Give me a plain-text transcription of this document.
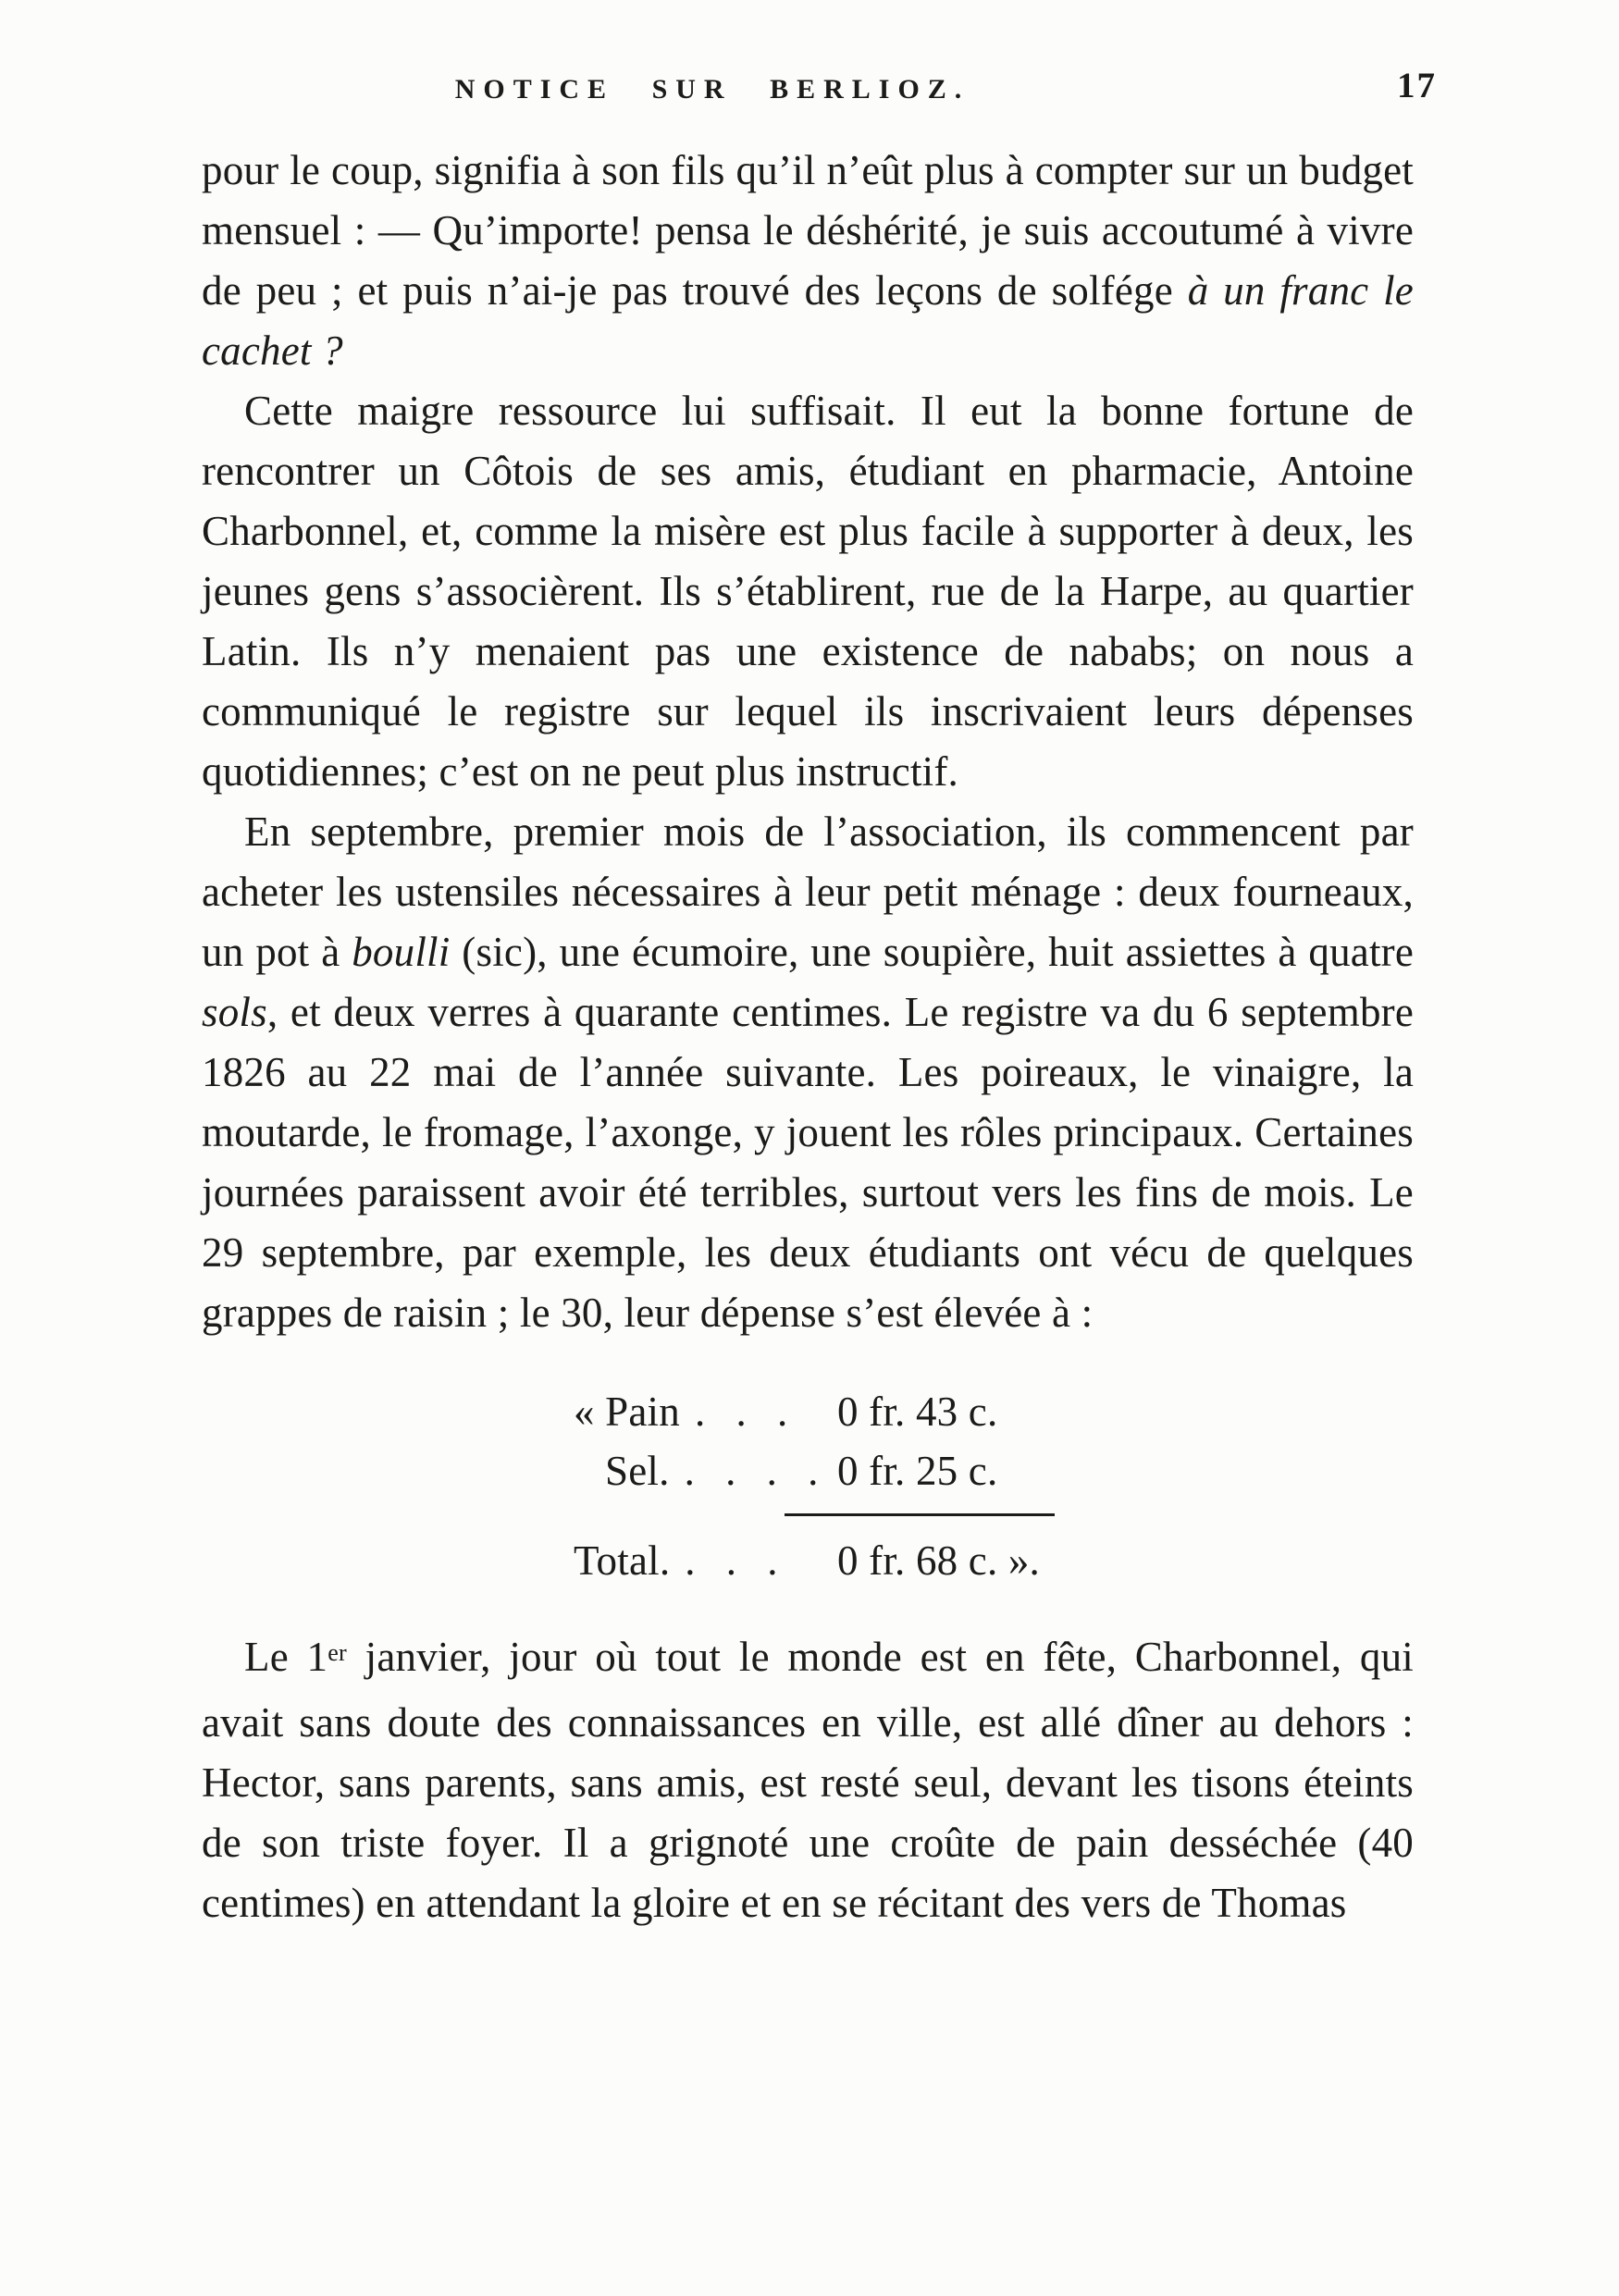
NOTICE SUR BERLIOZ.	17

pour le coup, signifia à son fils qu’il n’eût plus à compter sur un budget mensuel : — Qu’importe! pensa le déshérité, je suis accoutumé à vivre de peu ; et puis n’ai-je pas trouvé des leçons de solfége à un franc le cachet ?

Cette maigre ressource lui suffisait. Il eut la bonne fortune de rencontrer un Côtois de ses amis, étudiant en pharmacie, Antoine Charbonnel, et, comme la misère est plus facile à supporter à deux, les jeunes gens s’associèrent. Ils s’établirent, rue de la Harpe, au quartier Latin. Ils n’y menaient pas une existence de nababs; on nous a communiqué le registre sur lequel ils inscrivaient leurs dépenses quotidiennes; c’est on ne peut plus instructif.

En septembre, premier mois de l’association, ils commencent par acheter les ustensiles nécessaires à leur petit ménage : deux fourneaux, un pot à boulli (sic), une écumoire, une soupière, huit assiettes à quatre sols, et deux verres à quarante centimes. Le registre va du 6 septembre 1826 au 22 mai de l’année suivante. Les poireaux, le vinaigre, la moutarde, le fromage, l’axonge, y jouent les rôles principaux. Certaines journées paraissent avoir été terribles, surtout vers les fins de mois. Le 29 septembre, par exemple, les deux étudiants ont vécu de quelques grappes de raisin ; le 30, leur dépense s’est élevée à :

« Pain . . . 0 fr. 43 c.
Sel. . . . . 0 fr. 25 c.
Total. . . . 0 fr. 68 c. ».

Le 1er janvier, jour où tout le monde est en fête, Charbonnel, qui avait sans doute des connaissances en ville, est allé dîner au dehors : Hector, sans parents, sans amis, est resté seul, devant les tisons éteints de son triste foyer. Il a grignoté une croûte de pain desséchée (40 centimes) en attendant la gloire et en se récitant des vers de Thomas
